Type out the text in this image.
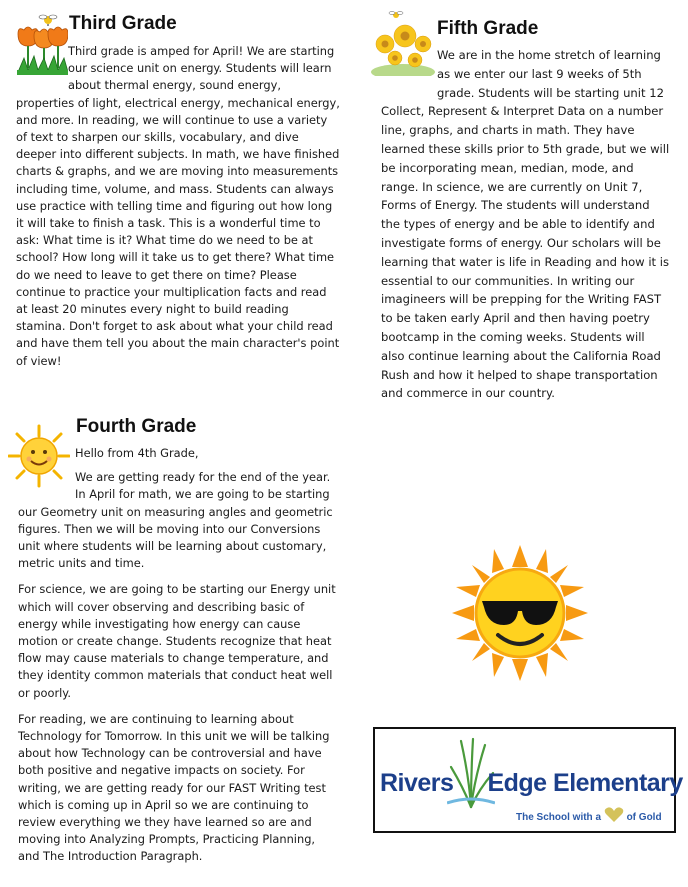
Third Grade
Third grade is amped for April! We are starting our science unit on energy. Students will learn about thermal energy, sound energy, properties of light, electrical energy, mechanical energy, and more. In reading, we will continue to use a variety of text to sharpen our skills, vocabulary, and dive deeper into different subjects. In math, we have finished charts & graphs, and we are moving into measurements including time, volume, and mass. Students can always use practice with telling time and figuring out how long it will take to finish a task. This is a wonderful time to ask: What time is it? What time do we need to be at school? How long will it take us to get there? What time do we need to leave to get there on time? Please continue to practice your multiplication facts and read at least 20 minutes every night to build reading stamina. Don't forget to ask about what your child read and have them tell you about the main character's point of view!
Fifth Grade
We are in the home stretch of learning as we enter our last 9 weeks of 5th grade. Students will be starting unit 12 Collect, Represent & Interpret Data on a number line, graphs, and charts in math. They have learned these skills prior to 5th grade, but we will be incorporating mean, median, mode, and range. In science, we are currently on Unit 7, Forms of Energy. The students will understand the types of energy and be able to identify and investigate forms of energy. Our scholars will be learning that water is life in Reading and how it is essential to our communities. In writing our imagineers will be prepping for the Writing FAST to be taken early April and then having poetry bootcamp in the coming weeks. Students will also continue learning about the California Road Rush and how it helped to shape transportation and commerce in our country.
Fourth Grade

Hello from 4th Grade,

We are getting ready for the end of the year. In April for math, we are going to be starting our Geometry unit on measuring angles and geometric figures. Then we will be moving into our Conversions unit where students will be learning about customary, metric units and time.

For science, we are going to be starting our Energy unit which will cover observing and describing basic of energy while investigating how energy can cause motion or create change. Students recognize that heat flow may cause materials to change temperature, and they identity common materials that conduct heat well or poorly.

For reading, we are continuing to learning about Technology for Tomorrow. In this unit we will be talking about how Technology can be controversial and have both positive and negative impacts on society. For writing, we are getting ready for our FAST Writing test which is coming up in April so we are continuing to review everything we they have learned so are and moving into Analyzing Prompts, Practicing Planning, and The Introduction Paragraph.

Rivers Edge Elementary
The School with a	of Gold
